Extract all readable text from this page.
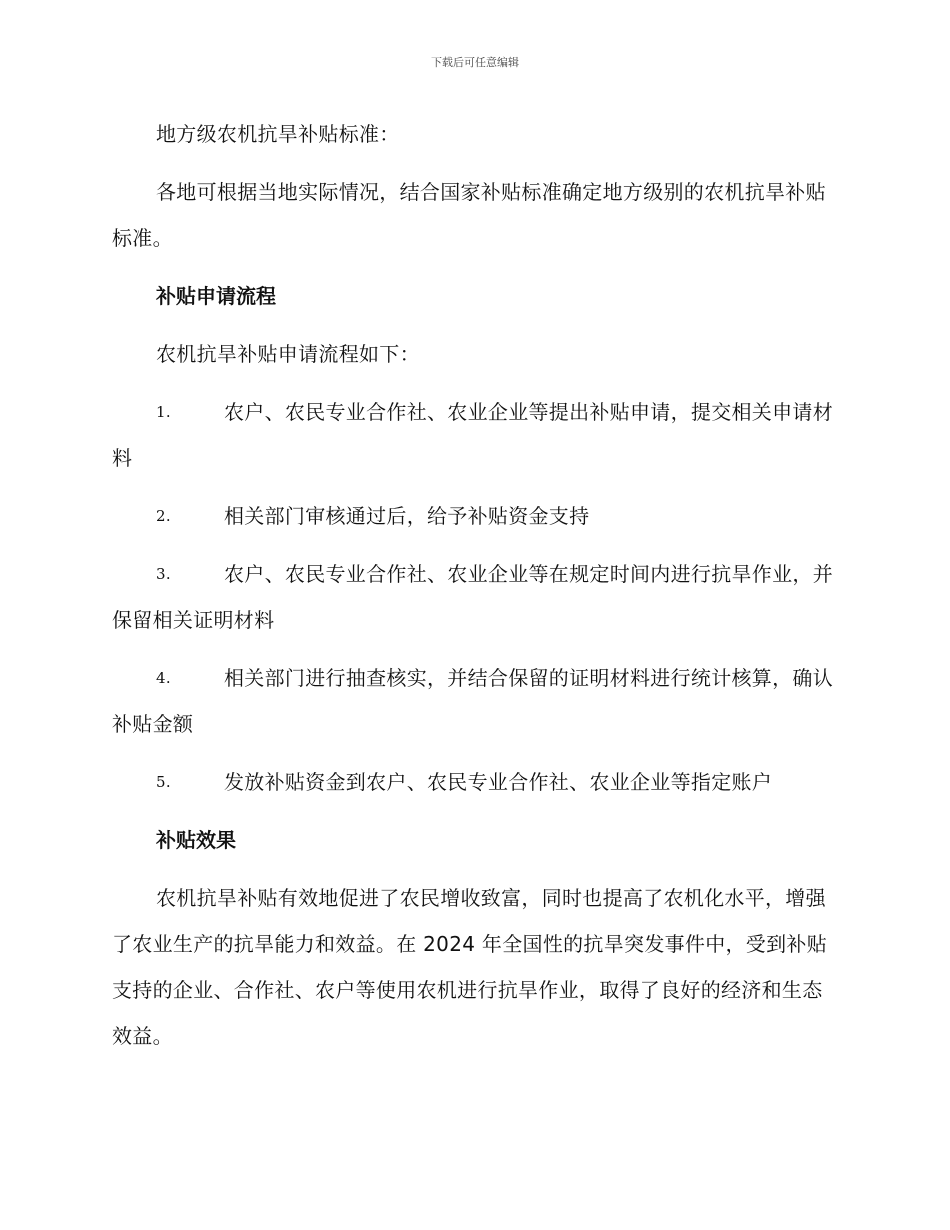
下载后可任意编辑

地方级农机抗旱补贴标准：

各地可根据当地实际情况，结合国家补贴标准确定地方级别的农机抗旱补贴标准。

补贴申请流程

农机抗旱补贴申请流程如下：

1.	农户、农民专业合作社、农业企业等提出补贴申请，提交相关申请材料
2.	相关部门审核通过后，给予补贴资金支持
3.	农户、农民专业合作社、农业企业等在规定时间内进行抗旱作业，并保留相关证明材料
4.	相关部门进行抽查核实，并结合保留的证明材料进行统计核算，确认补贴金额
5.	发放补贴资金到农户、农民专业合作社、农业企业等指定账户

补贴效果

农机抗旱补贴有效地促进了农民增收致富，同时也提高了农机化水平，增强了农业生产的抗旱能力和效益。在 2024 年全国性的抗旱突发事件中，受到补贴支持的企业、合作社、农户等使用农机进行抗旱作业，取得了良好的经济和生态效益。
